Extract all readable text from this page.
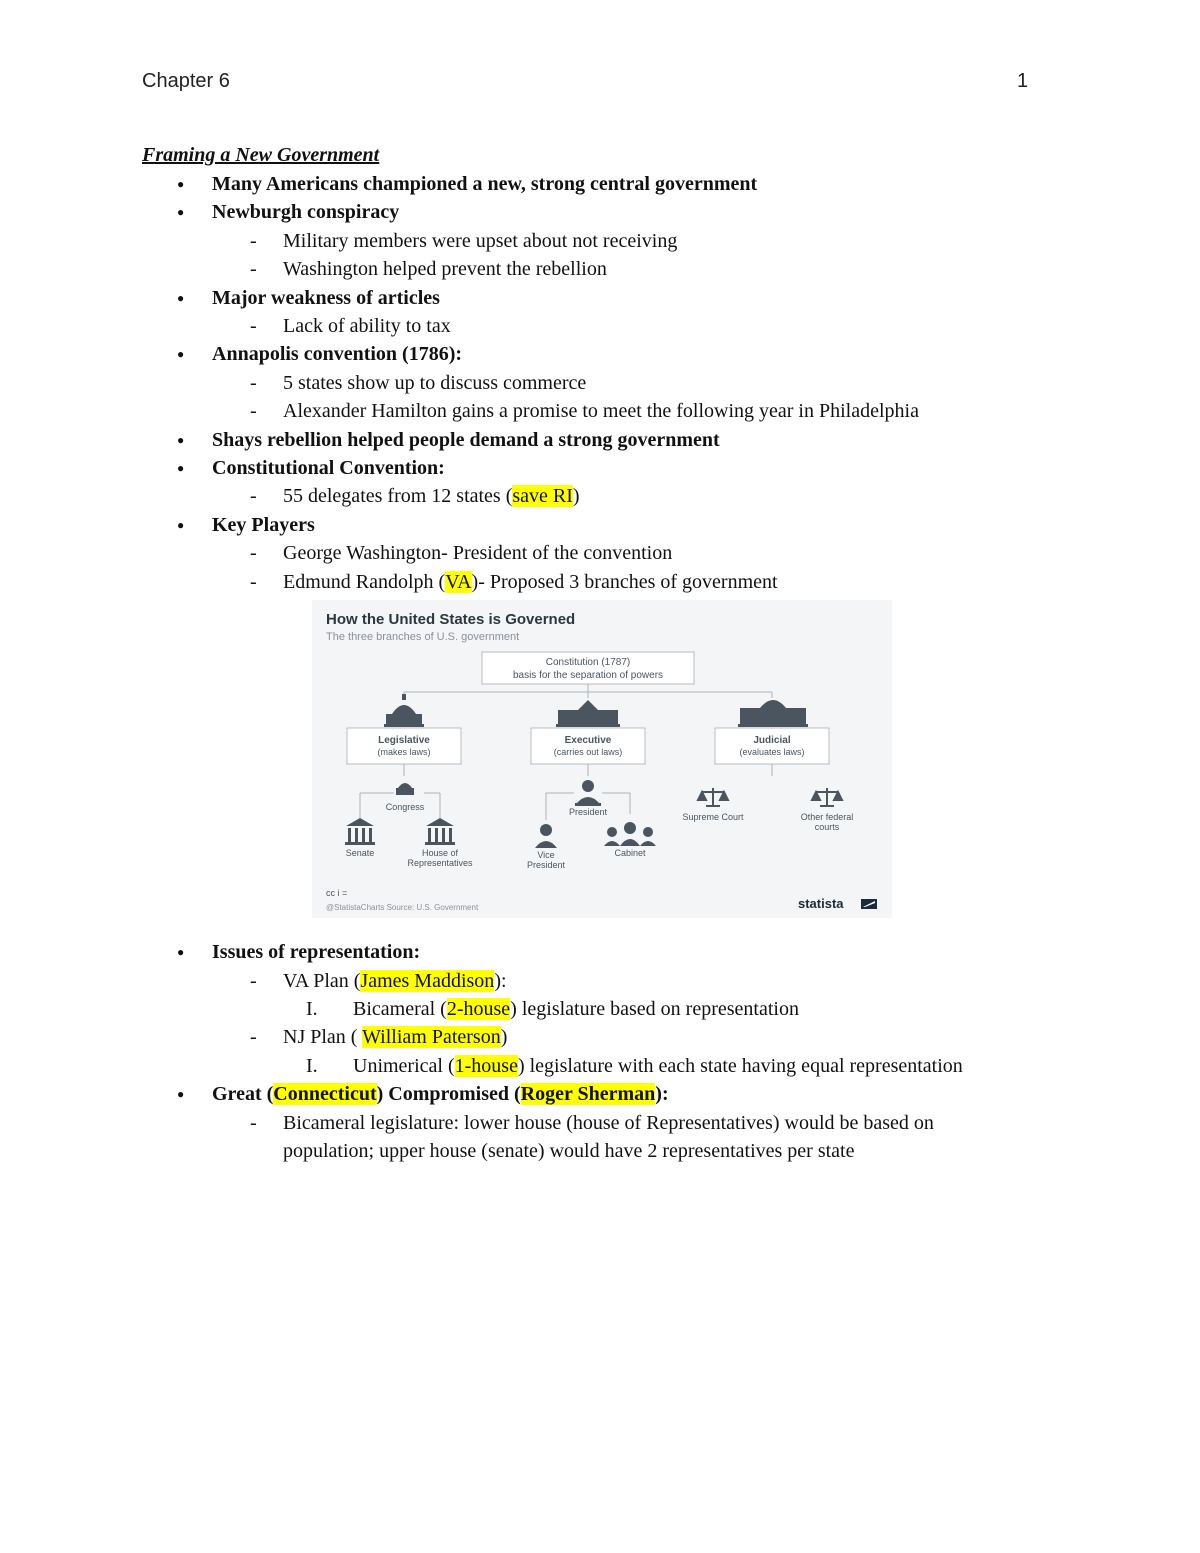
Chapter 6	1
Framing a New Government
● Many Americans championed a new, strong central government
● Newburgh conspiracy
- Military members were upset about not receiving
- Washington helped prevent the rebellion
● Major weakness of articles
- Lack of ability to tax
● Annapolis convention (1786):
- 5 states show up to discuss commerce
- Alexander Hamilton gains a promise to meet the following year in Philadelphia
● Shays rebellion helped people demand a strong government
● Constitutional Convention:
- 55 delegates from 12 states (save RI)
● Key Players
- George Washington- President of the convention
- Edmund Randolph (VA)- Proposed 3 branches of government
How the United States is Governed
The three branches of U.S. government
Constitution (1787)
basis for the separation of powers
Legislative
(makes laws)
Executive
(carries out laws)
Judicial
(evaluates laws)
Congress
Senate	House of
Representatives
President
Vice
President
Cabinet
Supreme Court	Other federal
courts
cc i =
@StatistaCharts Source: U.S. Government	statista
● Issues of representation:
- VA Plan (James Maddison):
I. Bicameral (2-house) legislature based on representation
- NJ Plan ( William Paterson)
I. Unimerical (1-house) legislature with each state having equal representation
● Great (Connecticut) Compromised (Roger Sherman):
- Bicameral legislature: lower house (house of Representatives) would be based on
population; upper house (senate) would have 2 representatives per state
